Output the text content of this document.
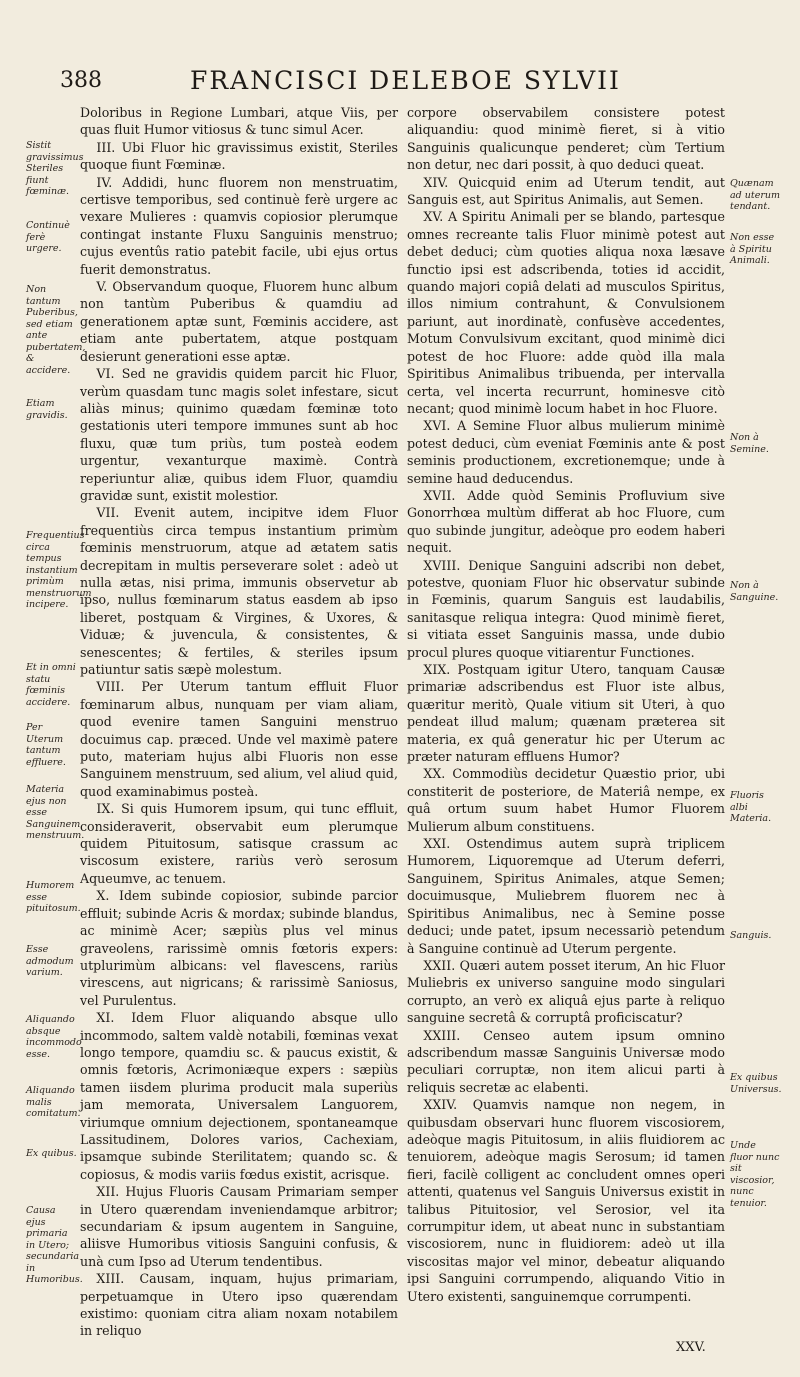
388	FRANCISCI DELEBOE SYLVII

Doloribus in Regione Lumbari, atque Viis, per quas fluit Humor vitiosus & tunc simul Acer.

III. Ubi Fluor hic gravissimus existit, Steriles quoque fiunt Fœminæ.

IV. Addidi, hunc fluorem non menstruatim, certisve temporibus, sed continuè ferè urgere ac vexare Mulieres : quamvis copiosior plerumque contingat instante Fluxu Sanguinis menstruo; cujus eventûs ratio patebit facile, ubi ejus ortus fuerit demonstratus.

V. Observandum quoque, Fluorem hunc album non tantùm Puberibus & quamdiu ad generationem aptæ sunt, Fœminis accidere, ast etiam ante pubertatem, atque postquam desierunt generationi esse aptæ.

VI. Sed ne gravidis quidem parcit hic Fluor, verùm quasdam tunc magis solet infestare, sicut aliàs minus; quinimo quædam fœminæ toto gestationis uteri tempore immunes sunt ab hoc fluxu, quæ tum priùs, tum posteà eodem urgentur, vexanturque maximè. Contrà reperiuntur aliæ, quibus idem Fluor, quamdiu gravidæ sunt, existit molestior.

VII. Evenit autem, incipitve idem Fluor frequentiùs circa tempus instantium primùm fœminis menstruorum, atque ad ætatem satis decrepitam in multis perseverare solet : adeò ut nulla ætas, nisi prima, immunis observetur ab ipso, nullus fœminarum status easdem ab ipso liberet, postquam & Virgines, & Uxores, & Viduæ; & juvencula, & consistentes, & senescentes; & fertiles, & steriles ipsum patiuntur satis sæpè molestum.

VIII. Per Uterum tantum effluit Fluor fœminarum albus, nunquam per viam aliam, quod evenire tamen Sanguini menstruo docuimus cap. præced. Unde vel maximè patere puto, materiam hujus albi Fluoris non esse Sanguinem menstruum, sed alium, vel aliud quid, quod examinabimus posteà.

IX. Si quis Humorem ipsum, qui tunc effluit, consideraverit, observabit eum plerumque quidem Pituitosum, satisque crassum ac viscosum existere, rariùs verò serosum Aqueumve, ac tenuem.

X. Idem subinde copiosior, subinde parcior effluit; subinde Acris & mordax; subinde blandus, ac minimè Acer; sæpiùs plus vel minus graveolens, rarissimè omnis fœtoris expers: utplurimùm albicans: vel flavescens, rariùs virescens, aut nigricans; & rarissimè Saniosus, vel Purulentus.

XI. Idem Fluor aliquando absque ullo incommodo, saltem valdè notabili, fœminas vexat longo tempore, quamdiu sc. & paucus existit, & omnis fœtoris, Acrimoniæque expers : sæpiùs tamen iisdem plurima producit mala superiùs jam memorata, Universalem Languorem, viriumque omnium dejectionem, spontaneamque Lassitudinem, Dolores varios, Cachexiam, ipsamque subinde Sterilitatem; quando sc. & copiosus, & modis variis fœdus existit, acrisque.

XII. Hujus Fluoris Causam Primariam semper in Utero quærendam inveniendamque arbitror; secundariam & ipsum augentem in Sanguine, aliisve Humoribus vitiosis Sanguini confusis, & unà cum Ipso ad Uterum tendentibus.

XIII. Causam, inquam, hujus primariam, perpetuamque in Utero ipso quærendam existimo: quoniam citra aliam noxam notabilem in reliquo

corpore observabilem consistere potest aliquandiu: quod minimè fieret, si à vitio Sanguinis qualicunque penderet; cùm Tertium non detur, nec dari possit, à quo deduci queat.

XIV. Quicquid enim ad Uterum tendit, aut Sanguis est, aut Spiritus Animalis, aut Semen.

XV. A Spiritu Animali per se blando, partesque omnes recreante talis Fluor minimè potest aut debet deduci; cùm quoties aliqua noxa læsave functio ipsi est adscribenda, toties id accidit, quando majori copiâ delati ad musculos Spiritus, illos nimium contrahunt, & Convulsionem pariunt, aut inordinatè, confusève accedentes, Motum Convulsivum excitant, quod minimè dici potest de hoc Fluore: adde quòd illa mala Spiritibus Animalibus tribuenda, per intervalla certa, vel incerta recurrunt, hominesve citò necant; quod minimè locum habet in hoc Fluore.

XVI. A Semine Fluor albus mulierum minimè potest deduci, cùm eveniat Fœminis ante & post seminis productionem, excretionemque; unde à semine haud deducendus.

XVII. Adde quòd Seminis Profluvium sive Gonorrhœa multùm differat ab hoc Fluore, cum quo subinde jungitur, adeòque pro eodem haberi nequit.

XVIII. Denique Sanguini adscribi non debet, potestve, quoniam Fluor hic observatur subinde in Fœminis, quarum Sanguis est laudabilis, sanitasque reliqua integra: Quod minimè fieret, si vitiata esset Sanguinis massa, unde dubio procul plures quoque vitiarentur Functiones.

XIX. Postquam igitur Utero, tanquam Causæ primariæ adscribendus est Fluor iste albus, quæritur meritò, Quale vitium sit Uteri, à quo pendeat illud malum; quænam præterea sit materia, ex quâ generatur hic per Uterum ac præter naturam effluens Humor?

XX. Commodiùs decidetur Quæstio prior, ubi constiterit de posteriore, de Materiâ nempe, ex quâ ortum suum habet Humor Fluorem Mulierum album constituens.

XXI. Ostendimus autem suprà triplicem Humorem, Liquoremque ad Uterum deferri, Sanguinem, Spiritus Animales, atque Semen; docuimusque, Muliebrem fluorem nec à Spiritibus Animalibus, nec à Semine posse deduci; unde patet, ipsum necessariò petendum à Sanguine continuè ad Uterum pergente.

XXII. Quæri autem posset iterum, An hic Fluor Muliebris ex universo sanguine modo singulari corrupto, an verò ex aliquâ ejus parte à reliquo sanguine secretâ & corruptâ proficiscatur?

XXIII. Censeo autem ipsum omnino adscribendum massæ Sanguinis Universæ modo peculiari corruptæ, non item alicui parti à reliquis secretæ ac elabenti.

XXIV. Quamvis namque non negem, in quibusdam observari hunc fluorem viscosiorem, adeòque magis Pituitosum, in aliis fluidiorem ac tenuiorem, adeòque magis Serosum; id tamen fieri, facilè colligent ac concludent omnes operi attenti, quatenus vel Sanguis Universus existit in talibus Pituitosior, vel Serosior, vel ita corrumpitur idem, ut abeat nunc in substantiam viscosiorem, nunc in fluidiorem: adeò ut illa viscositas major vel minor, debeatur aliquando ipsi Sanguini corrumpendo, aliquando Vitio in Utero existenti, sanguinemque corrumpenti.

Sistit gravissimus Steriles fiunt fœminæ.
Continuè ferè urgere.
Non tantum Puberibus, sed etiam ante pubertatem, & accidere.
Etiam gravidis.
Frequentius circa tempus instantium primùm menstruorum incipere.
Et in omni statu fœminis accidere.
Per Uterum tantum effluere.
Materia ejus non esse Sanguinem menstruum.
Humorem esse pituitosum.
Esse admodum varium.
Aliquando absque incommodo esse.
Aliquando malis comitatum.
Ex quibus.
Causa ejus primaria in Utero; secundaria in Humoribus.
Quænam ad uterum tendant.
Non esse à Spiritu Animali.
Non à Semine.
Non à Sanguine.
Fluoris albi Materia.
Sanguis.
Ex quibus Universus.
Unde fluor nunc sit viscosior, nunc tenuior.
XXV.
